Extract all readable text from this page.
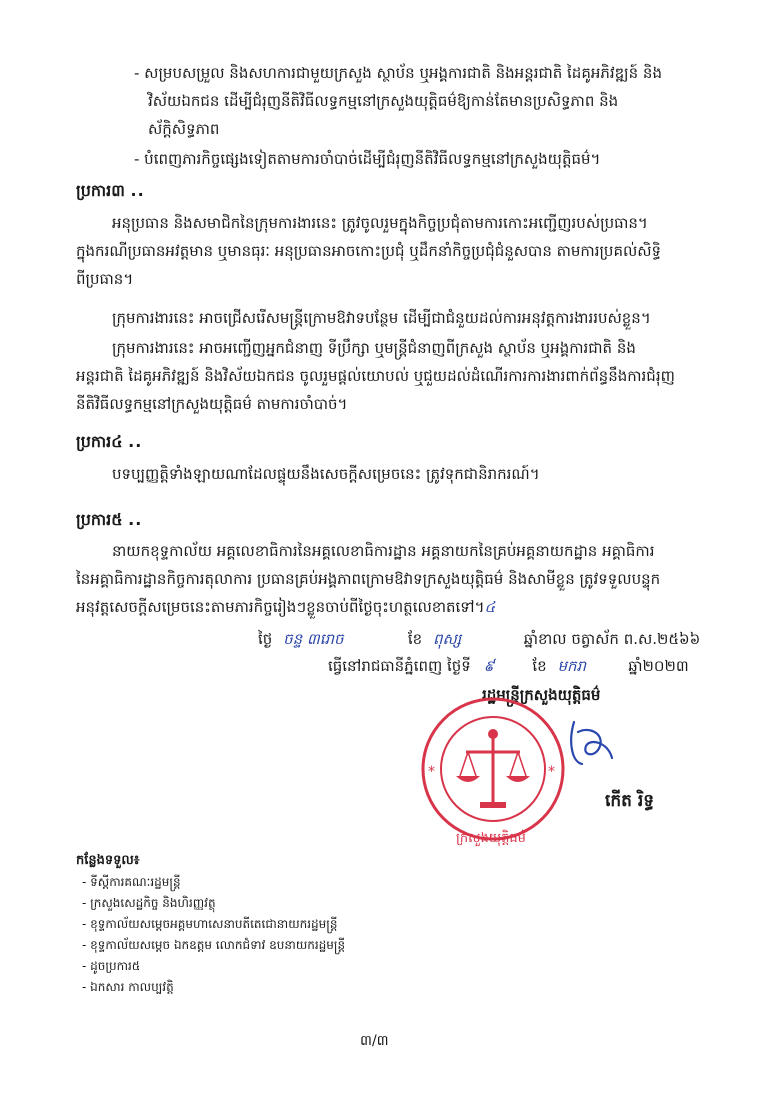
- សម្របសម្រួល និងសហការជាមួយក្រសួង ស្ថាប័ន ឬអង្គការជាតិ និងអន្តរជាតិ ដៃគូអភិវឌ្ឍន៍ និង
វិស័យឯកជន ដើម្បីជំរុញនីតិវិធីលទ្ធកម្មនៅក្រសួងយុត្តិធម៌ឱ្យកាន់តែមានប្រសិទ្ធភាព និង
ស័ក្តិសិទ្ធភាព
- បំពេញភារកិច្ចផ្សេងទៀតតាមការចាំបាច់ដើម្បីជំរុញនីតិវិធីលទ្ធកម្មនៅក្រសួងយុត្តិធម៌។
ប្រការ៣ ..
អនុប្រធាន និងសមាជិកនៃក្រុមការងារនេះ ត្រូវចូលរួមក្នុងកិច្ចប្រជុំតាមការកោះអញ្ជើញរបស់ប្រធាន។
ក្នុងករណីប្រធានអវត្តមាន ឬមានធុរៈ អនុប្រធានអាចកោះប្រជុំ ឬដឹកនាំកិច្ចប្រជុំជំនួសបាន តាមការប្រគល់សិទ្ធិ
ពីប្រធាន។
ក្រុមការងារនេះ អាចជ្រើសរើសមន្ត្រីក្រោមឱវាទបន្ថែម ដើម្បីជាជំនួយដល់ការអនុវត្តការងាររបស់ខ្លួន។
ក្រុមការងារនេះ អាចអញ្ជើញអ្នកជំនាញ ទីប្រឹក្សា ឬមន្ត្រីជំនាញពីក្រសួង ស្ថាប័ន ឬអង្គការជាតិ និង
អន្តរជាតិ ដៃគូអភិវឌ្ឍន៍ និងវិស័យឯកជន ចូលរួមផ្តល់យោបល់ ឬជួយដល់ដំណើរការការងារពាក់ព័ន្ធនឹងការជំរុញ
នីតិវិធីលទ្ធកម្មនៅក្រសួងយុត្តិធម៌ តាមការចាំបាច់។
ប្រការ៤ ..
បទប្បញ្ញត្តិទាំងឡាយណាដែលផ្ទុយនឹងសេចក្តីសម្រេចនេះ ត្រូវទុកជានិរាករណ៍។
ប្រការ៥ ..
នាយកខុទ្ទកាល័យ អគ្គលេខាធិការនៃអគ្គលេខាធិការដ្ឋាន អគ្គនាយកនៃគ្រប់អគ្គនាយកដ្ឋាន អគ្គាធិការ
នៃអគ្គាធិការដ្ឋានកិច្ចការតុលាការ ប្រធានគ្រប់អង្គភាពក្រោមឱវាទក្រសួងយុត្តិធម៌ និងសាមីខ្លួន ត្រូវទទួលបន្ទុក
អនុវត្តសេចក្តីសម្រេចនេះតាមភារកិច្ចរៀងៗខ្លួនចាប់ពីថ្ងៃចុះហត្ថលេខាតទៅ។៤
ថ្ងៃ ចន្ទ ៣រោច	ខែ ពុស្ស	ឆ្នាំខាល ចត្វាស័ក ព.ស.២៥៦៦
ធ្វើនៅរាជធានីភ្នំពេញ ថ្ងៃទី ៩	ខែ មករា	ឆ្នាំ២០២៣
រដ្ឋមន្ត្រីក្រសួងយុត្តិធម៌
*	*
ក្រសួងយុត្តិធម៌
កើត រិទ្ធ
កន្លែងទទួល៖
- ទីស្តីការគណៈរដ្ឋមន្ត្រី
- ក្រសួងសេដ្ឋកិច្ច និងហិរញ្ញវត្ថុ
- ខុទ្ទកាល័យសម្តេចអគ្គមហាសេនាបតីតេជោនាយករដ្ឋមន្ត្រី
- ខុទ្ទកាល័យសម្តេច ឯកឧត្តម លោកជំទាវ ឧបនាយករដ្ឋមន្ត្រី
- ដូចប្រការ៥
- ឯកសារ កាលប្បវត្តិ
៣/៣
